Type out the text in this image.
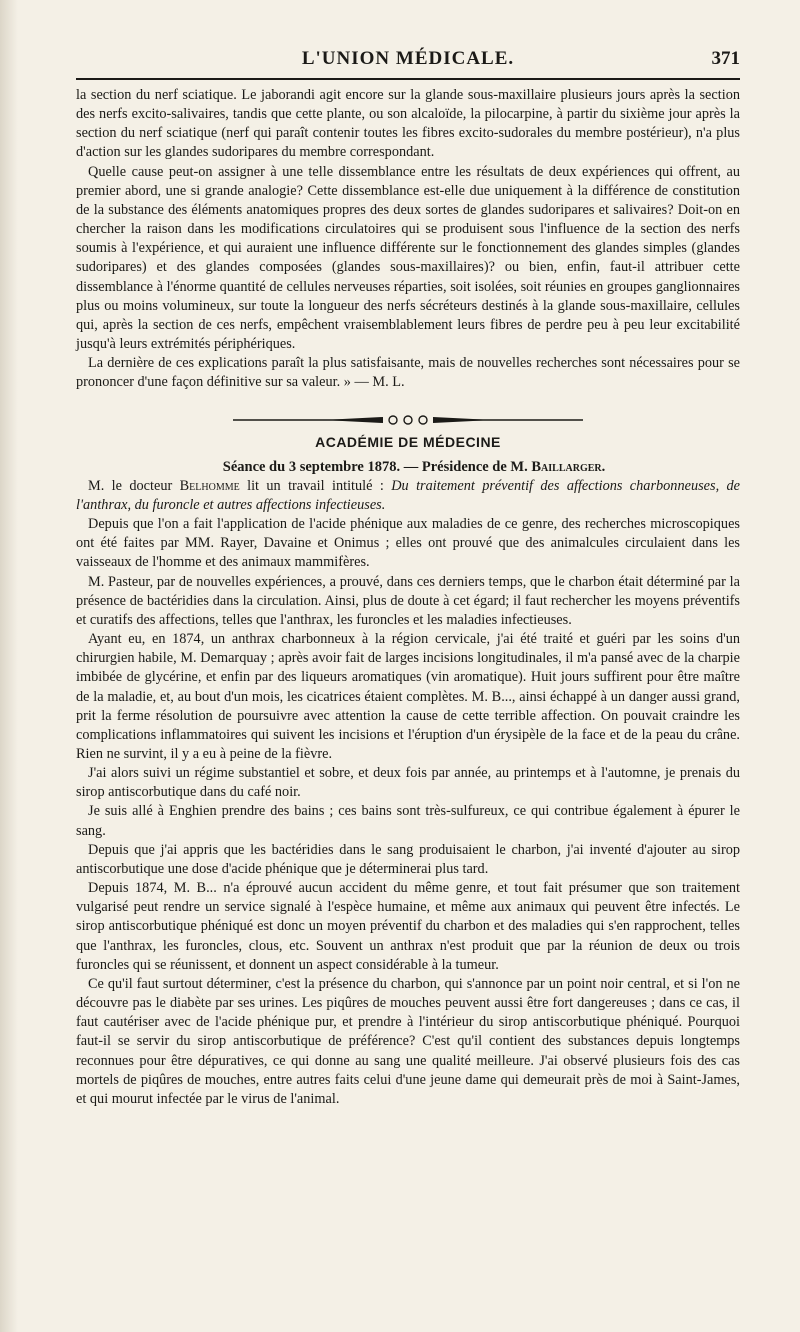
L'UNION MÉDICALE.	371

la section du nerf sciatique. Le jaborandi agit encore sur la glande sous-maxillaire plusieurs jours après la section des nerfs excito-salivaires, tandis que cette plante, ou son alcaloïde, la pilocarpine, à partir du sixième jour après la section du nerf sciatique (nerf qui paraît contenir toutes les fibres excito-sudorales du membre postérieur), n'a plus d'action sur les glandes sudoripares du membre correspondant.

Quelle cause peut-on assigner à une telle dissemblance entre les résultats de deux expériences qui offrent, au premier abord, une si grande analogie? Cette dissemblance est-elle due uniquement à la différence de constitution de la substance des éléments anatomiques propres des deux sortes de glandes sudoripares et salivaires? Doit-on en chercher la raison dans les modifications circulatoires qui se produisent sous l'influence de la section des nerfs soumis à l'expérience, et qui auraient une influence différente sur le fonctionnement des glandes simples (glandes sudoripares) et des glandes composées (glandes sous-maxillaires)? ou bien, enfin, faut-il attribuer cette dissemblance à l'énorme quantité de cellules nerveuses réparties, soit isolées, soit réunies en groupes ganglionnaires plus ou moins volumineux, sur toute la longueur des nerfs sécréteurs destinés à la glande sous-maxillaire, cellules qui, après la section de ces nerfs, empêchent vraisemblablement leurs fibres de perdre peu à peu leur excitabilité jusqu'à leurs extrémités périphériques.

La dernière de ces explications paraît la plus satisfaisante, mais de nouvelles recherches sont nécessaires pour se prononcer d'une façon définitive sur sa valeur. » — M. L.

ACADÉMIE DE MÉDECINE

Séance du 3 septembre 1878. — Présidence de M. Baillarger.

M. le docteur Belhomme lit un travail intitulé : Du traitement préventif des affections charbonneuses, de l'anthrax, du furoncle et autres affections infectieuses.

Depuis que l'on a fait l'application de l'acide phénique aux maladies de ce genre, des recherches microscopiques ont été faites par MM. Rayer, Davaine et Onimus ; elles ont prouvé que des animalcules circulaient dans les vaisseaux de l'homme et des animaux mammifères.

M. Pasteur, par de nouvelles expériences, a prouvé, dans ces derniers temps, que le charbon était déterminé par la présence de bactéridies dans la circulation. Ainsi, plus de doute à cet égard; il faut rechercher les moyens préventifs et curatifs des affections, telles que l'anthrax, les furoncles et les maladies infectieuses.

Ayant eu, en 1874, un anthrax charbonneux à la région cervicale, j'ai été traité et guéri par les soins d'un chirurgien habile, M. Demarquay ; après avoir fait de larges incisions longitudinales, il m'a pansé avec de la charpie imbibée de glycérine, et enfin par des liqueurs aromatiques (vin aromatique). Huit jours suffirent pour être maître de la maladie, et, au bout d'un mois, les cicatrices étaient complètes. M. B..., ainsi échappé à un danger aussi grand, prit la ferme résolution de poursuivre avec attention la cause de cette terrible affection. On pouvait craindre les complications inflammatoires qui suivent les incisions et l'éruption d'un érysipèle de la face et de la peau du crâne. Rien ne survint, il y a eu à peine de la fièvre.

J'ai alors suivi un régime substantiel et sobre, et deux fois par année, au printemps et à l'automne, je prenais du sirop antiscorbutique dans du café noir.

Je suis allé à Enghien prendre des bains ; ces bains sont très-sulfureux, ce qui contribue également à épurer le sang.

Depuis que j'ai appris que les bactéridies dans le sang produisaient le charbon, j'ai inventé d'ajouter au sirop antiscorbutique une dose d'acide phénique que je déterminerai plus tard.

Depuis 1874, M. B... n'a éprouvé aucun accident du même genre, et tout fait présumer que son traitement vulgarisé peut rendre un service signalé à l'espèce humaine, et même aux animaux qui peuvent être infectés. Le sirop antiscorbutique phéniqué est donc un moyen préventif du charbon et des maladies qui s'en rapprochent, telles que l'anthrax, les furoncles, clous, etc. Souvent un anthrax n'est produit que par la réunion de deux ou trois furoncles qui se réunissent, et donnent un aspect considérable à la tumeur.

Ce qu'il faut surtout déterminer, c'est la présence du charbon, qui s'annonce par un point noir central, et si l'on ne découvre pas le diabète par ses urines. Les piqûres de mouches peuvent aussi être fort dangereuses ; dans ce cas, il faut cautériser avec de l'acide phénique pur, et prendre à l'intérieur du sirop antiscorbutique phéniqué. Pourquoi faut-il se servir du sirop antiscorbutique de préférence? C'est qu'il contient des substances depuis longtemps reconnues pour être dépuratives, ce qui donne au sang une qualité meilleure. J'ai observé plusieurs fois des cas mortels de piqûres de mouches, entre autres faits celui d'une jeune dame qui demeurait près de moi à Saint-James, et qui mourut infectée par le virus de l'animal.
